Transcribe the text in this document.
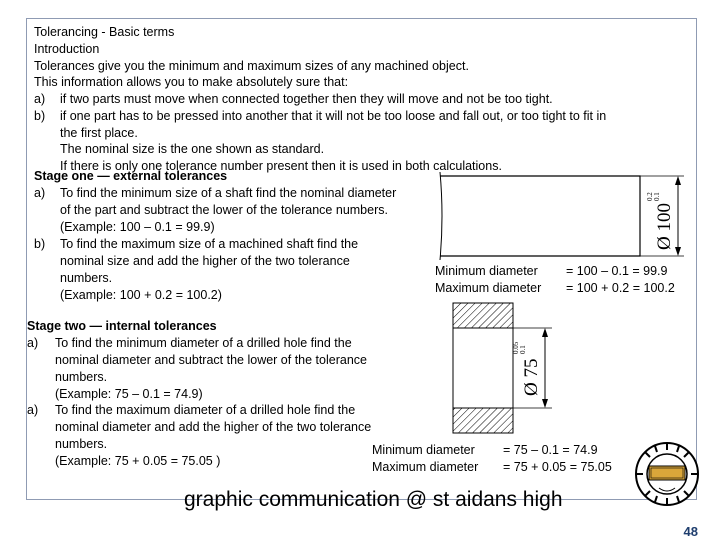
Tolerancing - Basic terms
Introduction
Tolerances give you the minimum and maximum sizes of any machined object.
This information allows you to make absolutely sure that:
a) if two parts must move when connected together then they will move and not be too tight.
b) if one part has to be pressed into another that it will not be too loose and fall out, or too tight to fit in
the first place.
The nominal size is the one shown as standard.
If there is only one tolerance number present then it is used in both calculations.
Stage one — external tolerances
a) To find the minimum size of a shaft find the nominal diameter
of the part and subtract the lower of the tolerance numbers.
(Example: 100 – 0.1 = 99.9)
b) To find the maximum size of a machined shaft find the
nominal size and add the higher of the two tolerance
numbers.
(Example: 100 + 0.2 = 100.2)
Minimum diameter = 100 – 0.1 = 99.9
Maximum diameter = 100 + 0.2 = 100.2
Ø 100
0.2 0.1
Stage two — internal tolerances
a) To find the minimum diameter of a drilled hole find the
nominal diameter and subtract the lower of the tolerance
numbers.
(Example: 75 – 0.1 = 74.9)
a) To find the maximum diameter of a drilled hole find the
nominal diameter and add the higher of the two tolerance
numbers.
(Example: 75 + 0.05 = 75.05 )
Minimum diameter = 75 – 0.1 = 74.9
Maximum diameter = 75 + 0.05 = 75.05
Ø 75
0.05 0.1
graphic communication @ st aidans high
48
